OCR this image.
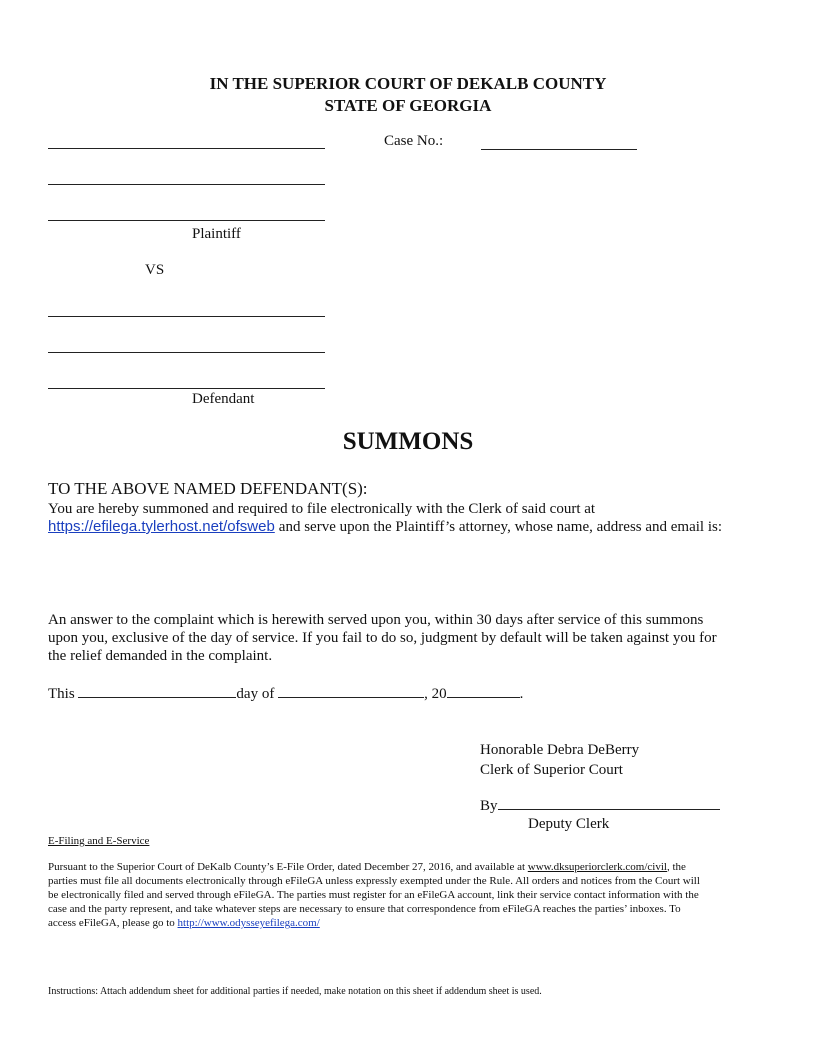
IN THE SUPERIOR COURT OF DEKALB COUNTY
STATE OF GEORGIA
Plaintiff
Case No.:
VS
Defendant
SUMMONS
TO THE ABOVE NAMED DEFENDANT(S):
You are hereby summoned and required to file electronically with the Clerk of said court at
https://efilega.tylerhost.net/ofsweb and serve upon the Plaintiff’s attorney, whose name, address and email is:
An answer to the complaint which is herewith served upon you, within 30 days after service of this summons
upon you, exclusive of the day of service. If you fail to do so, judgment by default will be taken against you for
the relief demanded in the complaint.
This	day of	, 20	.
Honorable Debra DeBerry
Clerk of Superior Court
By
Deputy Clerk
E-Filing and E-Service
Pursuant to the Superior Court of DeKalb County’s E-File Order, dated December 27, 2016, and available at www.dksuperiorclerk.com/civil, the
parties must file all documents electronically through eFileGA unless expressly exempted under the Rule. All orders and notices from the Court will
be electronically filed and served through eFileGA. The parties must register for an eFileGA account, link their service contact information with the
case and the party represent, and take whatever steps are necessary to ensure that correspondence from eFileGA reaches the parties’ inboxes. To
access eFileGA, please go to http://www.odysseyefilega.com/
Instructions: Attach addendum sheet for additional parties if needed, make notation on this sheet if addendum sheet is used.
